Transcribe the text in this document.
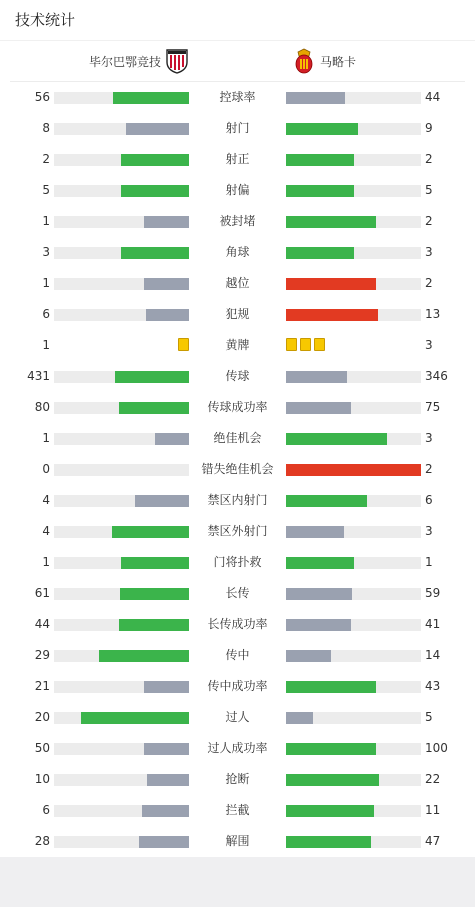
技术统计
毕尔巴鄂竞技	马略卡
56	控球率	44
8	射门	9
2	射正	2
5	射偏	5
1	被封堵	2
3	角球	3
1	越位	2
6	犯规	13
1	黄牌	3
431	传球	346
80	传球成功率	75
1	绝佳机会	3
0	错失绝佳机会	2
4	禁区内射门	6
4	禁区外射门	3
1	门将扑救	1
61	长传	59
44	长传成功率	41
29	传中	14
21	传中成功率	43
20	过人	5
50	过人成功率	100
10	抢断	22
6	拦截	11
28	解围	47
